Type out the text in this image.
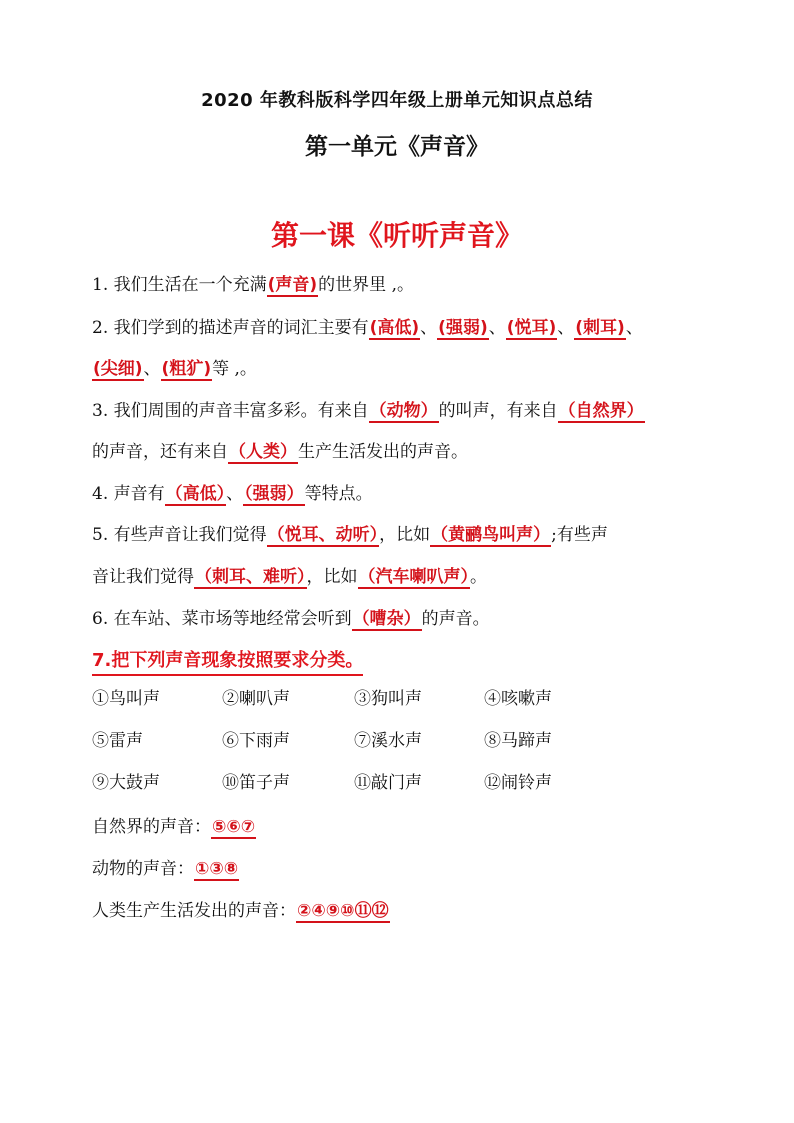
2020 年教科版科学四年级上册单元知识点总结
第一单元《声音》
第一课《听听声音》
1. 我们生活在一个充满(声音)的世界里 ,。
2. 我们学到的描述声音的词汇主要有(高低)、(强弱)、(悦耳)、(刺耳)、
(尖细)、(粗犷)等 ,。
3. 我们周围的声音丰富多彩。有来自（动物）的叫声，有来自（自然界）
的声音，还有来自（人类）生产生活发出的声音。
4. 声音有（高低）、（强弱）等特点。
5. 有些声音让我们觉得（悦耳、动听），比如（黄鹂鸟叫声）;有些声
音让我们觉得（刺耳、难听），比如（汽车喇叭声）。
6. 在车站、菜市场等地经常会听到（嘈杂）的声音。
7.把下列声音现象按照要求分类。
①鸟叫声	②喇叭声	③狗叫声	④咳嗽声
⑤雷声	⑥下雨声	⑦溪水声	⑧马蹄声
⑨大鼓声	⑩笛子声	⑪敲门声	⑫闹铃声
自然界的声音：⑤⑥⑦
动物的声音：①③⑧
人类生产生活发出的声音：②④⑨⑩⑪⑫
